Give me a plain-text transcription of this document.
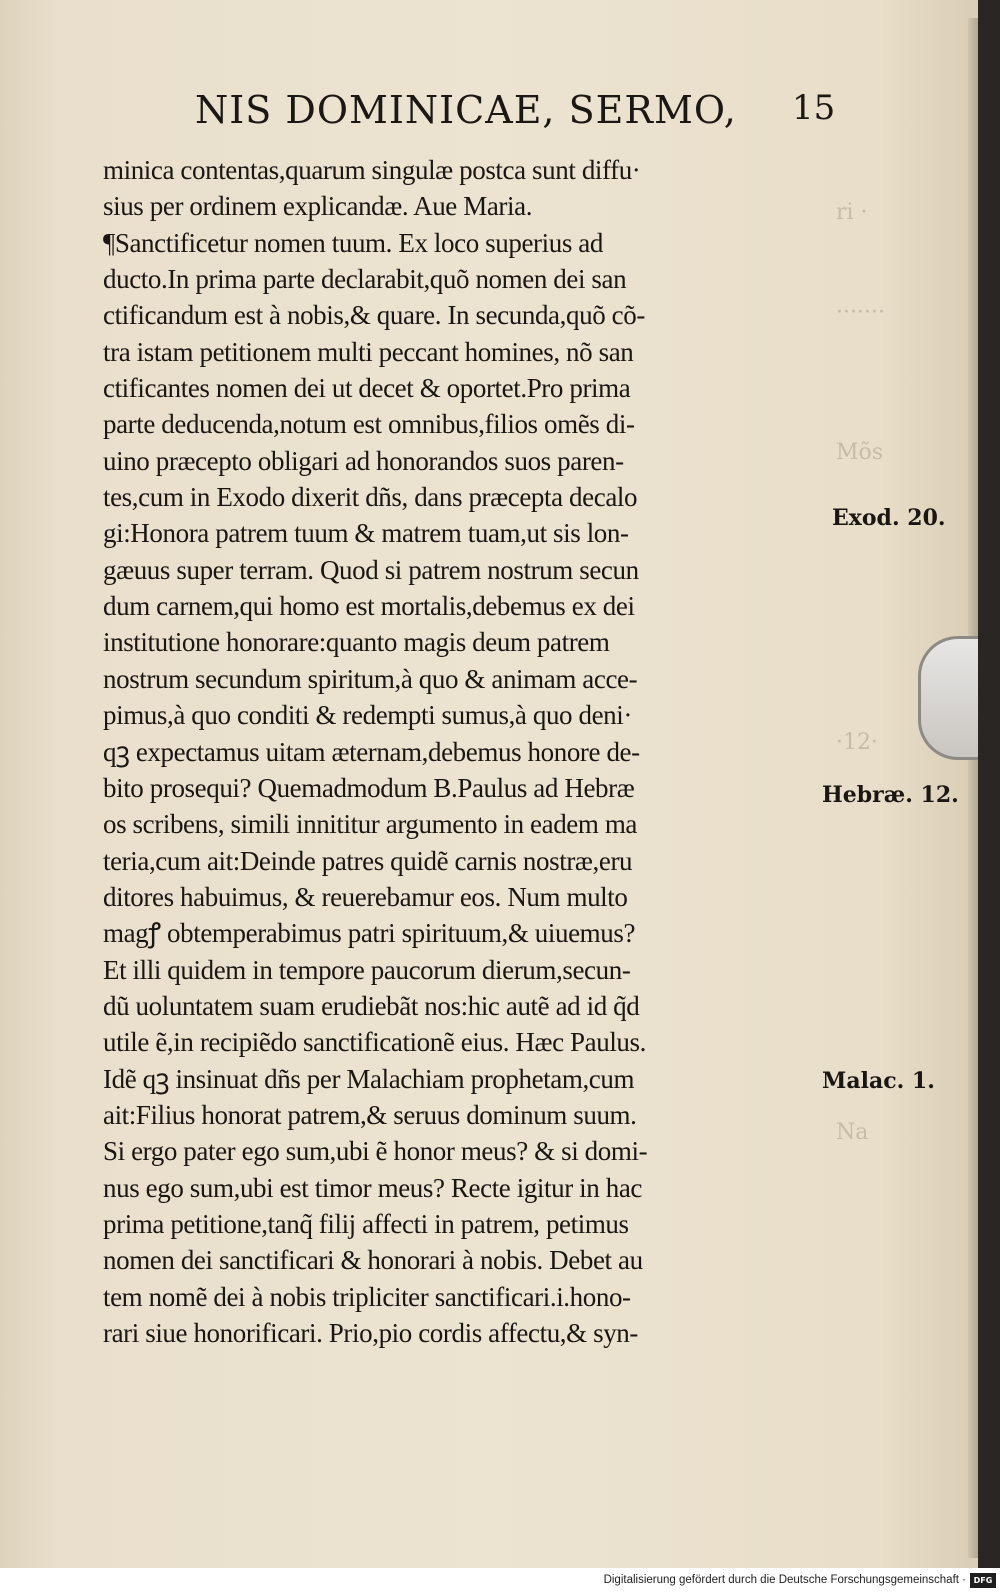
ri ·
·······
Mõs
·12·
Na
NIS DOMINICAE, SERMO,	15
minica contentas,quarum singulæ postca sunt diffu·
sius per ordinem explicandæ. Aue Maria.
¶Sanctificetur nomen tuum. Ex loco superius ad
ducto.In prima parte declarabit,quõ nomen dei san
ctificandum est à nobis,& quare. In secunda,quõ cõ-
tra istam petitionem multi peccant homines, nõ san
ctificantes nomen dei ut decet & oportet.Pro prima
parte deducenda,notum est omnibus,filios omẽs di-
uino præcepto obligari ad honorandos suos paren-
tes,cum in Exodo dixerit dñs, dans præcepta decalo
gi:Honora patrem tuum & matrem tuam,ut sis lon-
gæuus super terram. Quod si patrem nostrum secun
dum carnem,qui homo est mortalis,debemus ex dei
institutione honorare:quanto magis deum patrem
nostrum secundum spiritum,à quo & animam acce-
pimus,à quo conditi & redempti sumus,à quo deni·
qꝫ expectamus uitam æternam,debemus honore de-
bito prosequi? Quemadmodum B.Paulus ad Hebræ
os scribens, simili innititur argumento in eadem ma
teria,cum ait:Deinde patres quidẽ carnis nostræ,eru
ditores habuimus, & reuerebamur eos. Num multo
magꝭ obtemperabimus patri spirituum,& uiuemus?
Et illi quidem in tempore paucorum dierum,secun-
dũ uoluntatem suam erudiebãt nos:hic autẽ ad id q̃d
utile ẽ,in recipiẽdo sanctificationẽ eius. Hæc Paulus.
Idẽ qꝫ insinuat dñs per Malachiam prophetam,cum
ait:Filius honorat patrem,& seruus dominum suum.
Si ergo pater ego sum,ubi ẽ honor meus? & si domi-
nus ego sum,ubi est timor meus? Recte igitur in hac
prima petitione,tanq̃ filij affecti in patrem, petimus
nomen dei sanctificari & honorari à nobis. Debet au
tem nomẽ dei à nobis tripliciter sanctificari.i.hono-
rari siue honorificari. Prio,pio cordis affectu,& syn-
Exod. 20.
Hebræ. 12.
Malac. 1.
Digitalisierung gefördert durch die Deutsche Forschungsgemeinschaft · DFG
